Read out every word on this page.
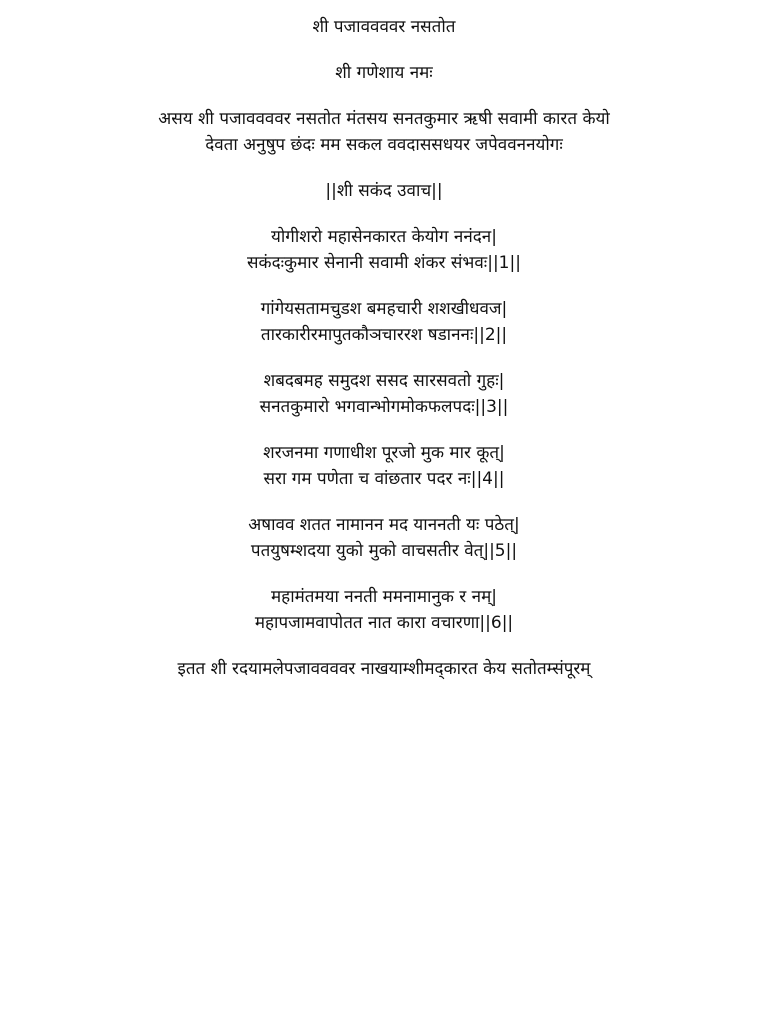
शी पजाववववर नसतोत
शी गणेशाय नमः
असय शी पजाववववर नसतोत मंतसय सनतकुमार ऋषी सवामी कारत केयो
देवता अनुषुप छंदः मम सकल ववदाससधयर जपेववननयोगः
||शी सकंद उवाच||
योगीशरो महासेनकारत केयोग ननंदन|
सकंदःकुमार सेनानी सवामी शंकर संभवः||1||
गांगेयसतामचुडश बमहचारी शशखीधवज|
तारकारीरमापुतकौञचाररश षडाननः||2||
शबदबमह समुदश ससद सारसवतो गुहः|
सनतकुमारो भगवान्भोगमोकफलपदः||3||
शरजनमा गणाधीश पूरजो मुक मार कूत्|
सरा गम पणेता च वांछतार पदर नः||4||
अषावव शतत नामानन मद याननती यः पठेत्|
पतयुषम्शदया युको मुको वाचसतीर वेत्||5||
महामंतमया ननती ममनामानुक र नम्|
महापजामवापोतत नात कारा वचारणा||6||
इतत शी रदयामलेपजाववववर नाखयाम्शीमद्कारत केय सतोतम्संपूरम्
